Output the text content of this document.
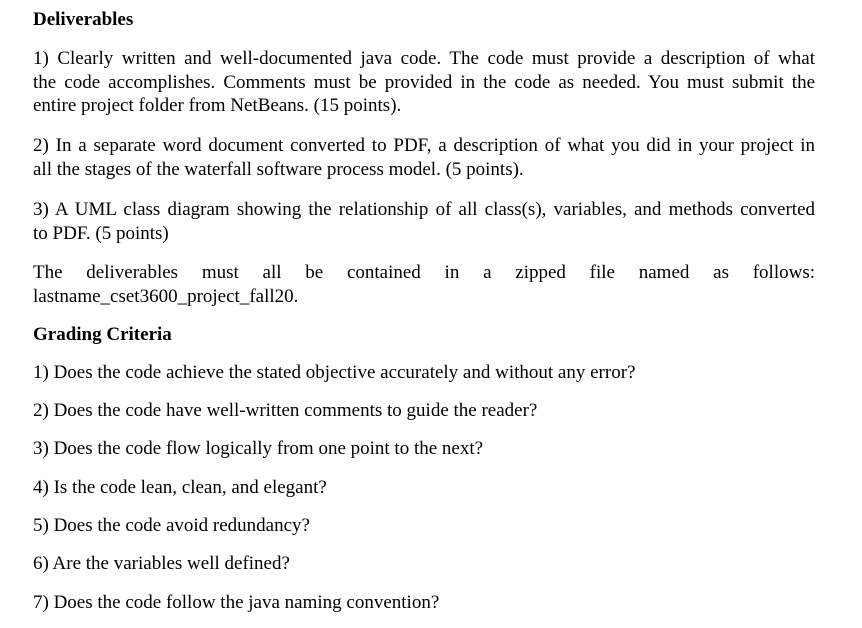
Deliverables
1) Clearly written and well-documented java code. The code must provide a description of what
the code accomplishes. Comments must be provided in the code as needed. You must submit the
entire project folder from NetBeans. (15 points).
2) In a separate word document converted to PDF, a description of what you did in your project in
all the stages of the waterfall software process model. (5 points).
3) A UML class diagram showing the relationship of all class(s), variables, and methods converted
to PDF. (5 points)
The deliverables must all be contained in a zipped file named as follows:
lastname_cset3600_project_fall20.
Grading Criteria
1) Does the code achieve the stated objective accurately and without any error?
2) Does the code have well-written comments to guide the reader?
3) Does the code flow logically from one point to the next?
4) Is the code lean, clean, and elegant?
5) Does the code avoid redundancy?
6) Are the variables well defined?
7) Does the code follow the java naming convention?
